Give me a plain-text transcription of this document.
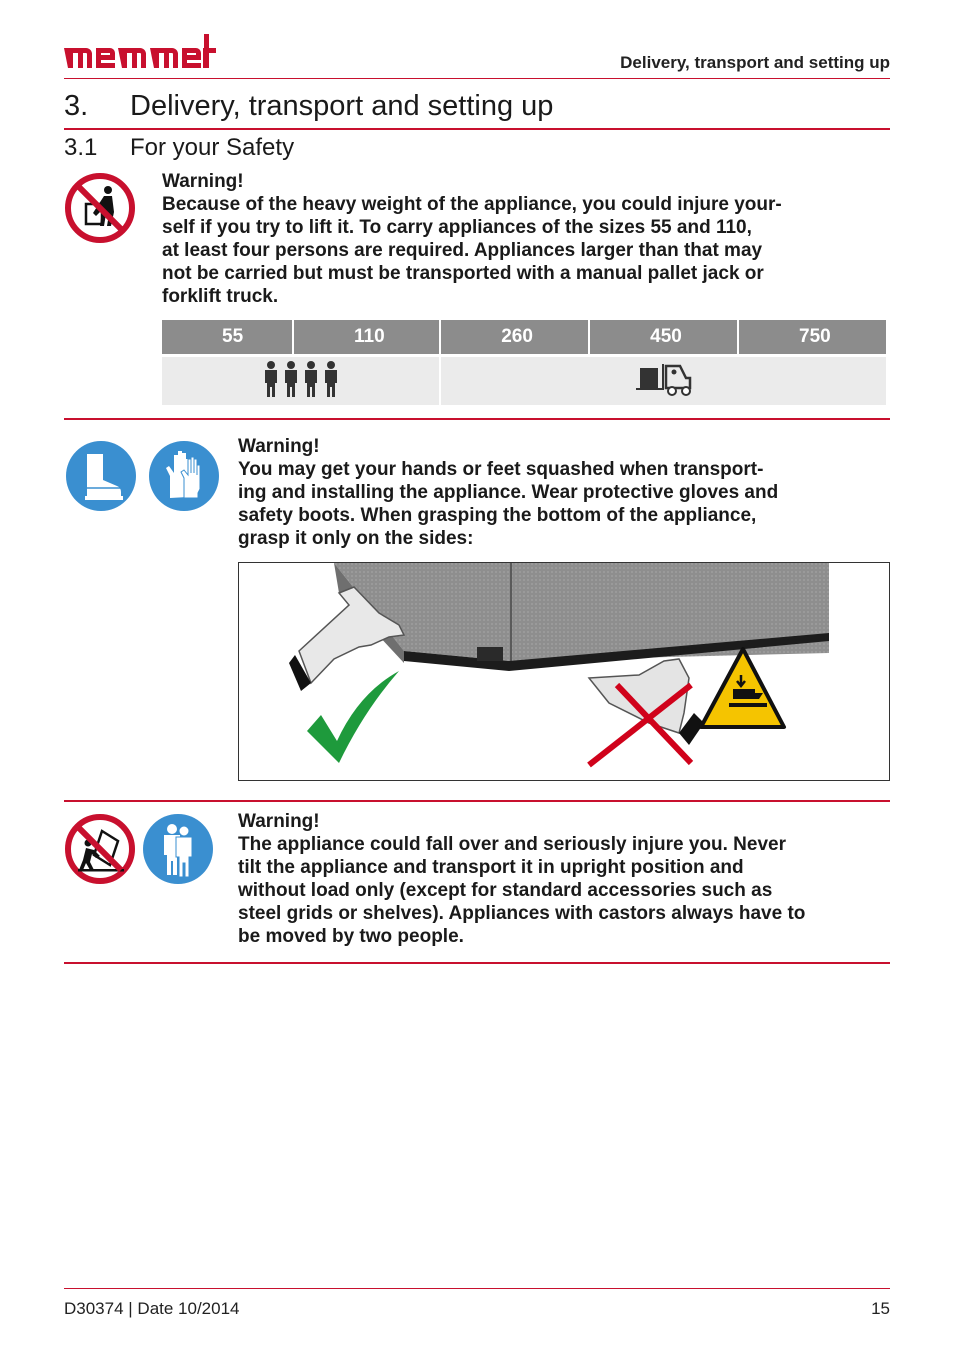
Delivery, transport and setting up
3. Delivery, transport and setting up
3.1 For your Safety
Warning!
Because of the heavy weight of the appliance, you could injure your-
self if you try to lift it. To carry appliances of the sizes 55 and 110,
at least four persons are required. Appliances larger than that may
not be carried but must be transported with a manual pallet jack or
forklift truck.
55	110	260	450	750

Warning!
You may get your hands or feet squashed when transport-
ing and installing the appliance. Wear protective gloves and
safety boots. When grasping the bottom of the appliance,
grasp it only on the sides:
Warning!
The appliance could fall over and seriously injure you. Never
tilt the appliance and transport it in upright position and
without load only (except for standard accessories such as
steel grids or shelves). Appliances with castors always have to
be moved by two people.
D30374 | Date 10/2014	15
